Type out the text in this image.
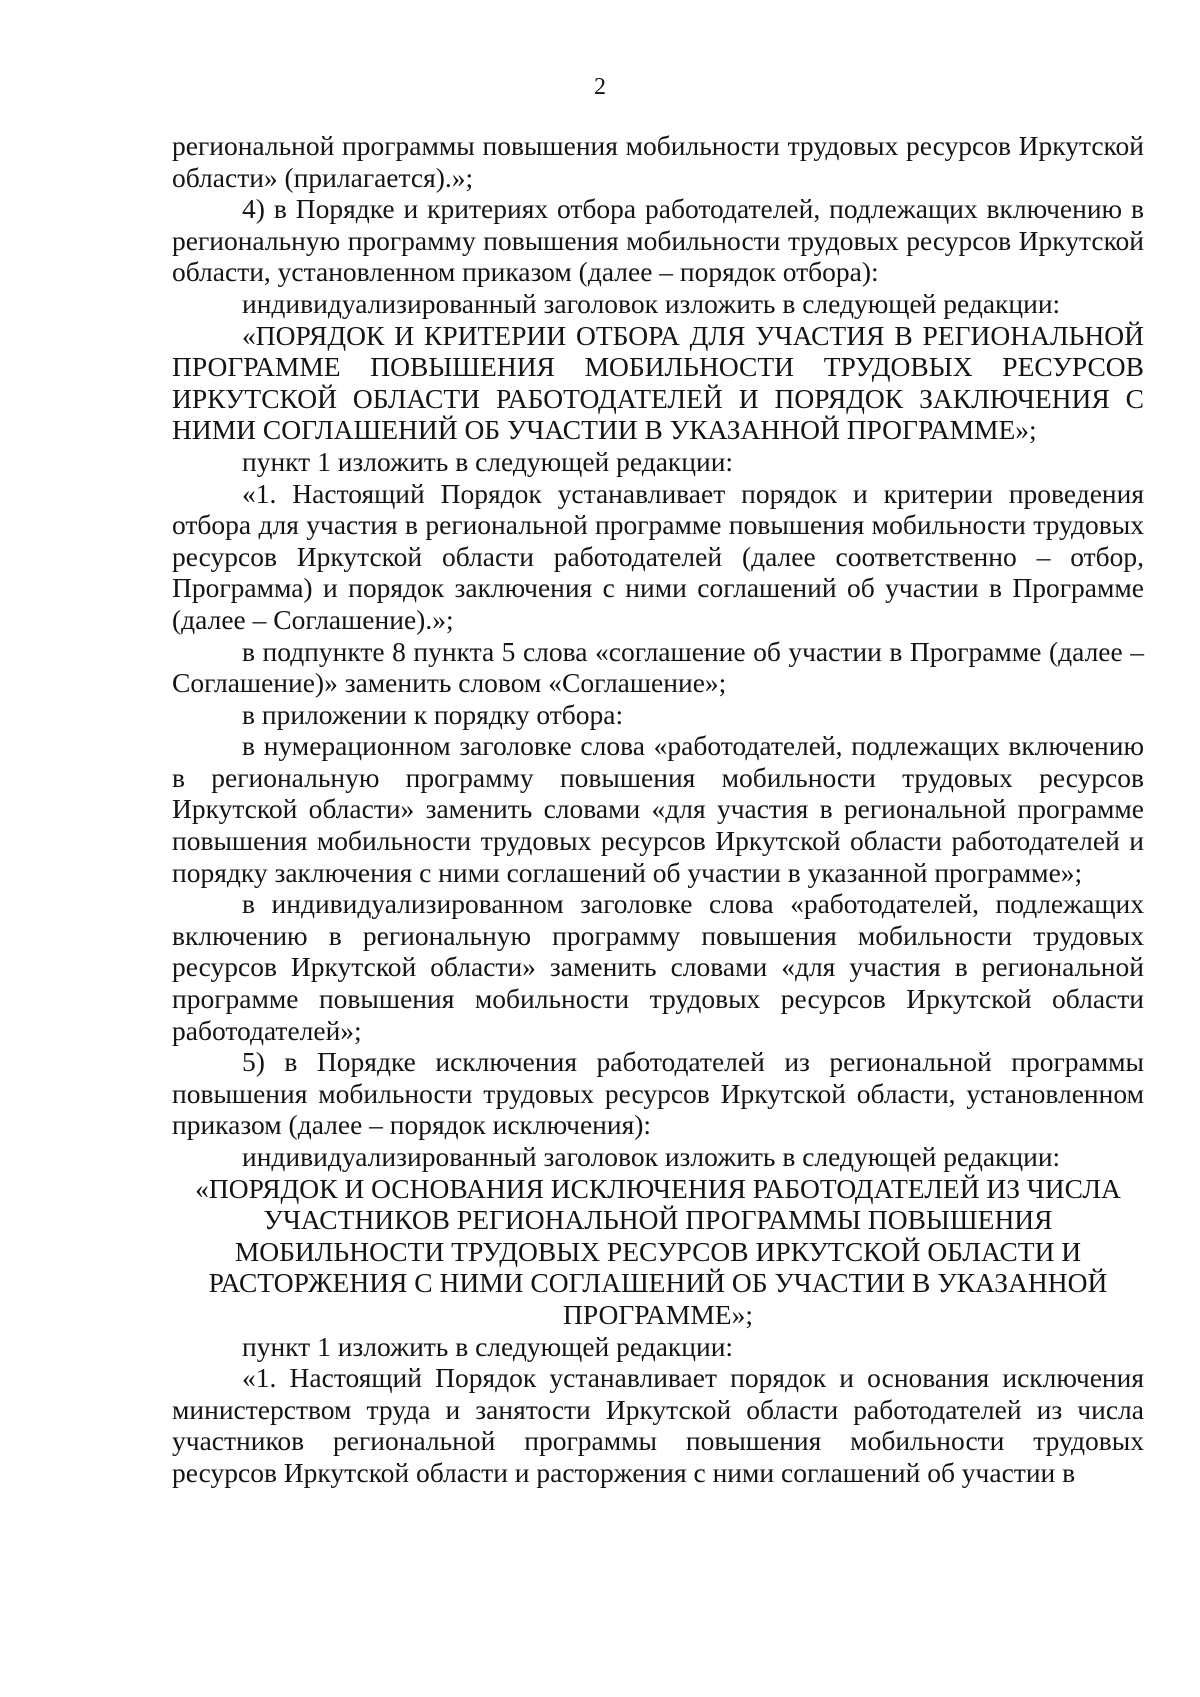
2

региональной программы повышения мобильности трудовых ресурсов Иркутской области» (прилагается).»;

4) в Порядке и критериях отбора работодателей, подлежащих включению в региональную программу повышения мобильности трудовых ресурсов Иркутской области, установленном приказом (далее – порядок отбора):

индивидуализированный заголовок изложить в следующей редакции:

«ПОРЯДОК И КРИТЕРИИ ОТБОРА ДЛЯ УЧАСТИЯ В РЕГИОНАЛЬНОЙ ПРОГРАММЕ ПОВЫШЕНИЯ МОБИЛЬНОСТИ ТРУДОВЫХ РЕСУРСОВ ИРКУТСКОЙ ОБЛАСТИ РАБОТОДАТЕЛЕЙ И ПОРЯДОК ЗАКЛЮЧЕНИЯ С НИМИ СОГЛАШЕНИЙ ОБ УЧАСТИИ В УКАЗАННОЙ ПРОГРАММЕ»;

пункт 1 изложить в следующей редакции:

«1. Настоящий Порядок устанавливает порядок и критерии проведения отбора для участия в региональной программе повышения мобильности трудовых ресурсов Иркутской области работодателей (далее соответственно – отбор, Программа) и порядок заключения с ними соглашений об участии в Программе (далее – Соглашение).»;

в подпункте 8 пункта 5 слова «соглашение об участии в Программе (далее – Соглашение)» заменить словом «Соглашение»;

в приложении к порядку отбора:

в нумерационном заголовке слова «работодателей, подлежащих включению в региональную программу повышения мобильности трудовых ресурсов Иркутской области» заменить словами «для участия в региональной программе повышения мобильности трудовых ресурсов Иркутской области работодателей и порядку заключения с ними соглашений об участии в указанной программе»;

в индивидуализированном заголовке слова «работодателей, подлежащих включению в региональную программу повышения мобильности трудовых ресурсов Иркутской области» заменить словами «для участия в региональной программе повышения мобильности трудовых ресурсов Иркутской области работодателей»;

5) в Порядке исключения работодателей из региональной программы повышения мобильности трудовых ресурсов Иркутской области, установленном приказом (далее – порядок исключения):

индивидуализированный заголовок изложить в следующей редакции:

«ПОРЯДОК И ОСНОВАНИЯ ИСКЛЮЧЕНИЯ РАБОТОДАТЕЛЕЙ ИЗ ЧИСЛА УЧАСТНИКОВ РЕГИОНАЛЬНОЙ ПРОГРАММЫ ПОВЫШЕНИЯ МОБИЛЬНОСТИ ТРУДОВЫХ РЕСУРСОВ ИРКУТСКОЙ ОБЛАСТИ И РАСТОРЖЕНИЯ С НИМИ СОГЛАШЕНИЙ ОБ УЧАСТИИ В УКАЗАННОЙ ПРОГРАММЕ»;

пункт 1 изложить в следующей редакции:

«1. Настоящий Порядок устанавливает порядок и основания исключения министерством труда и занятости Иркутской области работодателей из числа участников региональной программы повышения мобильности трудовых ресурсов Иркутской области и расторжения с ними соглашений об участии в
